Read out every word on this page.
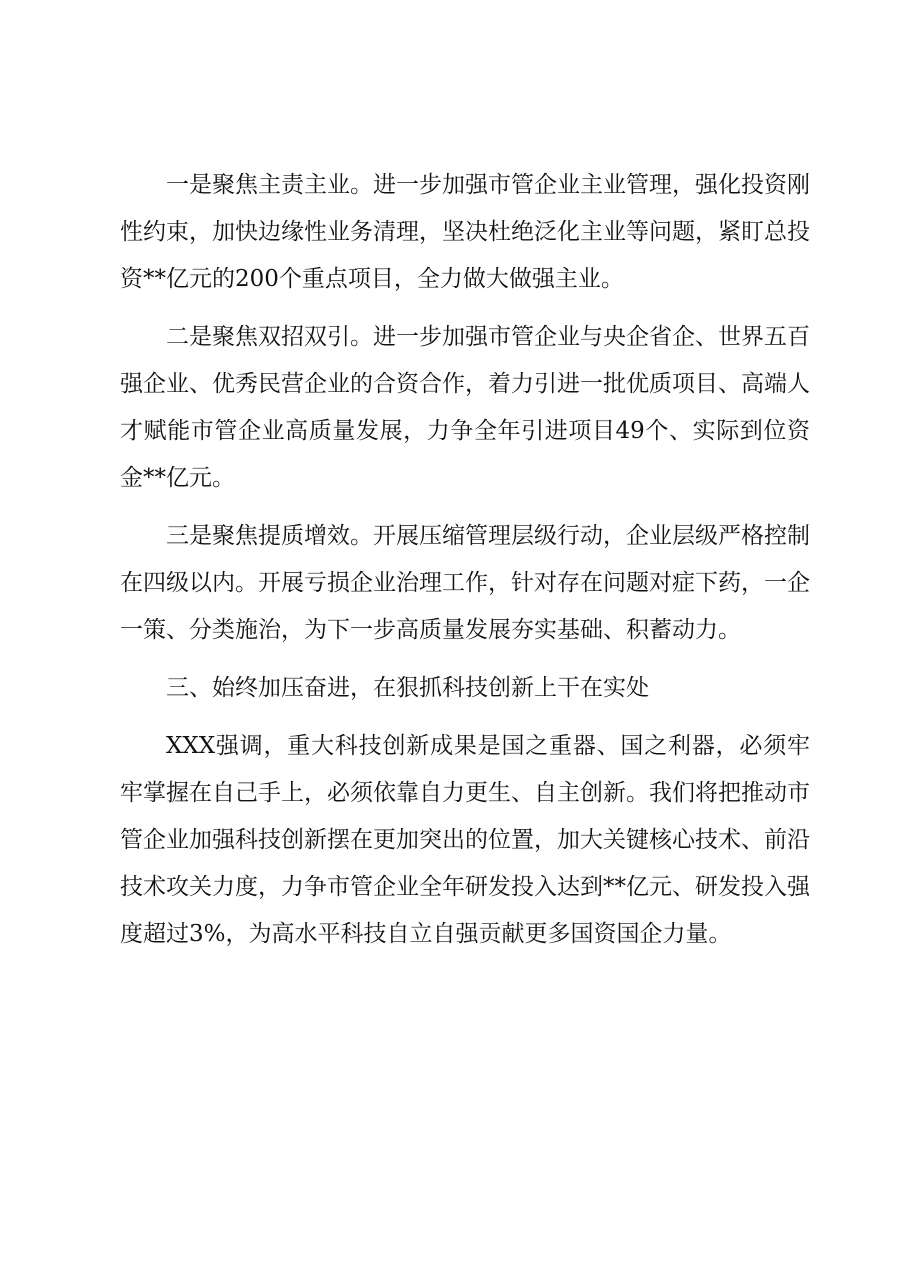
一是聚焦主责主业。进一步加强市管企业主业管理，强化投资刚性约束，加快边缘性业务清理，坚决杜绝泛化主业等问题，紧盯总投资**亿元的200个重点项目，全力做大做强主业。

二是聚焦双招双引。进一步加强市管企业与央企省企、世界五百强企业、优秀民营企业的合资合作，着力引进一批优质项目、高端人才赋能市管企业高质量发展，力争全年引进项目49个、实际到位资金**亿元。

三是聚焦提质增效。开展压缩管理层级行动，企业层级严格控制在四级以内。开展亏损企业治理工作，针对存在问题对症下药，一企一策、分类施治，为下一步高质量发展夯实基础、积蓄动力。

三、始终加压奋进，在狠抓科技创新上干在实处

XXX强调，重大科技创新成果是国之重器、国之利器，必须牢牢掌握在自己手上，必须依靠自力更生、自主创新。我们将把推动市管企业加强科技创新摆在更加突出的位置，加大关键核心技术、前沿技术攻关力度，力争市管企业全年研发投入达到**亿元、研发投入强度超过3%，为高水平科技自立自强贡献更多国资国企力量。
